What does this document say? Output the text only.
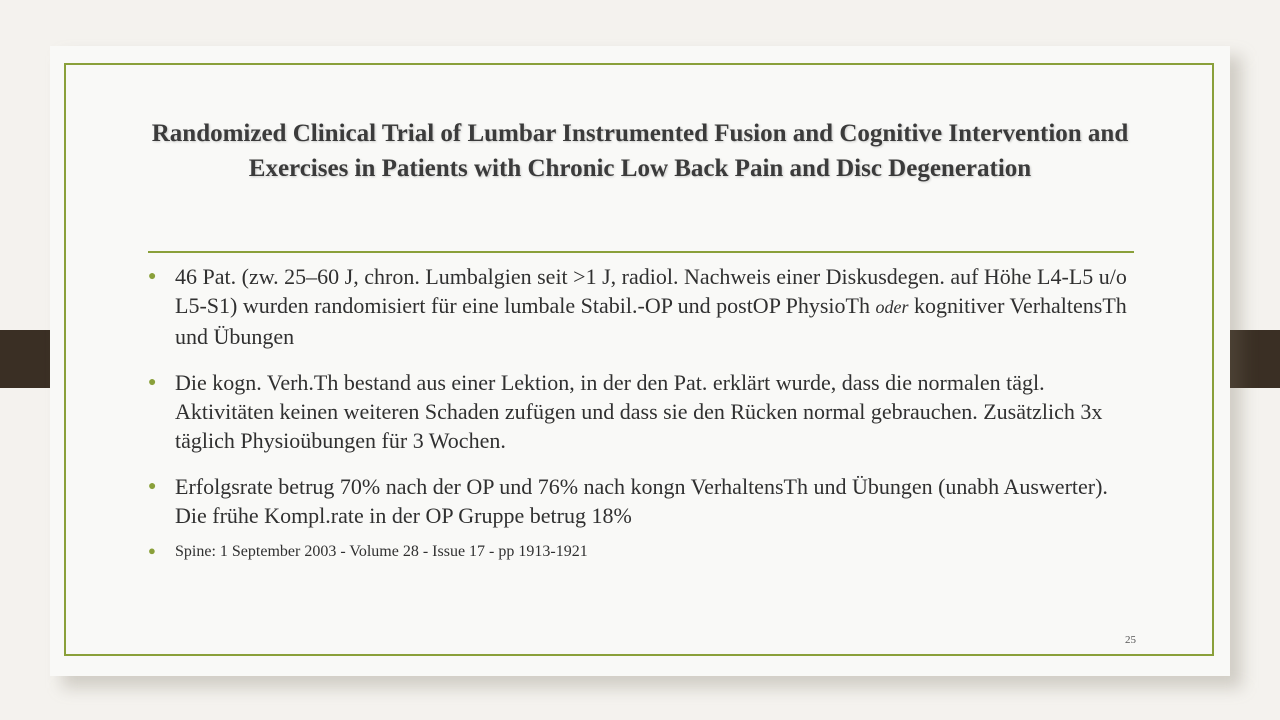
Randomized Clinical Trial of Lumbar Instrumented Fusion and Cognitive Intervention and Exercises in Patients with Chronic Low Back Pain and Disc Degeneration
● 46 Pat. (zw. 25–60 J, chron. Lumbalgien seit >1 J, radiol. Nachweis einer Diskusdegen. auf Höhe L4-L5 u/o L5-S1) wurden randomisiert für eine lumbale Stabil.-OP und postOP PhysioTh oder kognitiver VerhaltensTh und Übungen
● Die kogn. Verh.Th bestand aus einer Lektion, in der den Pat. erklärt wurde, dass die normalen tägl. Aktivitäten keinen weiteren Schaden zufügen und dass sie den Rücken normal gebrauchen. Zusätzlich 3x täglich Physioübungen für 3 Wochen.
● Erfolgsrate betrug 70% nach der OP und 76% nach kongn VerhaltensTh und Übungen (unabh Auswerter). Die frühe Kompl.rate in der OP Gruppe betrug 18%
● Spine: 1 September 2003 - Volume 28 - Issue 17 - pp 1913-1921
25
